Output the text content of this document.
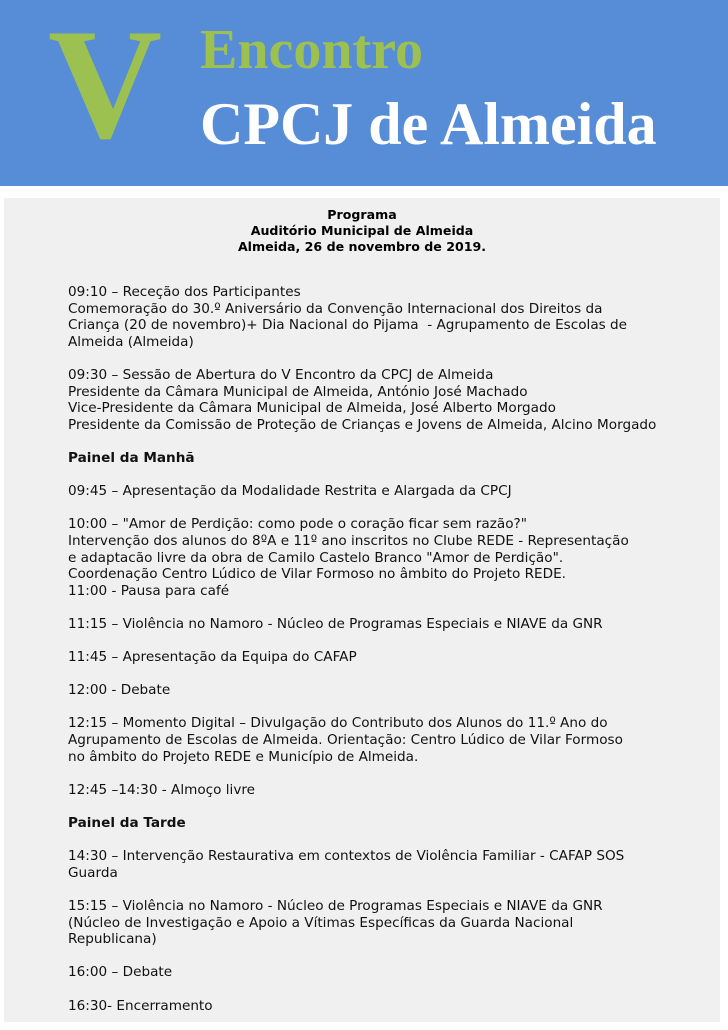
V Encontro
CPCJ de Almeida
Programa
Auditório Municipal de Almeida
Almeida, 26 de novembro de 2019.
09:10 – Receção dos Participantes
Comemoração do 30.º Aniversário da Convenção Internacional dos Direitos da
Criança (20 de novembro)+ Dia Nacional do Pijama  - Agrupamento de Escolas de
Almeida (Almeida)
09:30 – Sessão de Abertura do V Encontro da CPCJ de Almeida
Presidente da Câmara Municipal de Almeida, António José Machado
Vice-Presidente da Câmara Municipal de Almeida, José Alberto Morgado
Presidente da Comissão de Proteção de Crianças e Jovens de Almeida, Alcino Morgado
Painel da Manhã
09:45 – Apresentação da Modalidade Restrita e Alargada da CPCJ
10:00 – "Amor de Perdição: como pode o coração ficar sem razão?"
Intervenção dos alunos do 8ºA e 11º ano inscritos no Clube REDE - Representação
e adaptacão livre da obra de Camilo Castelo Branco "Amor de Perdição".
Coordenação Centro Lúdico de Vilar Formoso no âmbito do Projeto REDE.
11:00 - Pausa para café
11:15 – Violência no Namoro - Núcleo de Programas Especiais e NIAVE da GNR
11:45 – Apresentação da Equipa do CAFAP
12:00 - Debate
12:15 – Momento Digital – Divulgação do Contributo dos Alunos do 11.º Ano do
Agrupamento de Escolas de Almeida. Orientação: Centro Lúdico de Vilar Formoso
no âmbito do Projeto REDE e Município de Almeida.
12:45 –14:30 - Almoço livre
Painel da Tarde
14:30 – Intervenção Restaurativa em contextos de Violência Familiar - CAFAP SOS
Guarda
15:15 – Violência no Namoro - Núcleo de Programas Especiais e NIAVE da GNR
(Núcleo de Investigação e Apoio a Vítimas Específicas da Guarda Nacional
Republicana)
16:00 – Debate
16:30- Encerramento
